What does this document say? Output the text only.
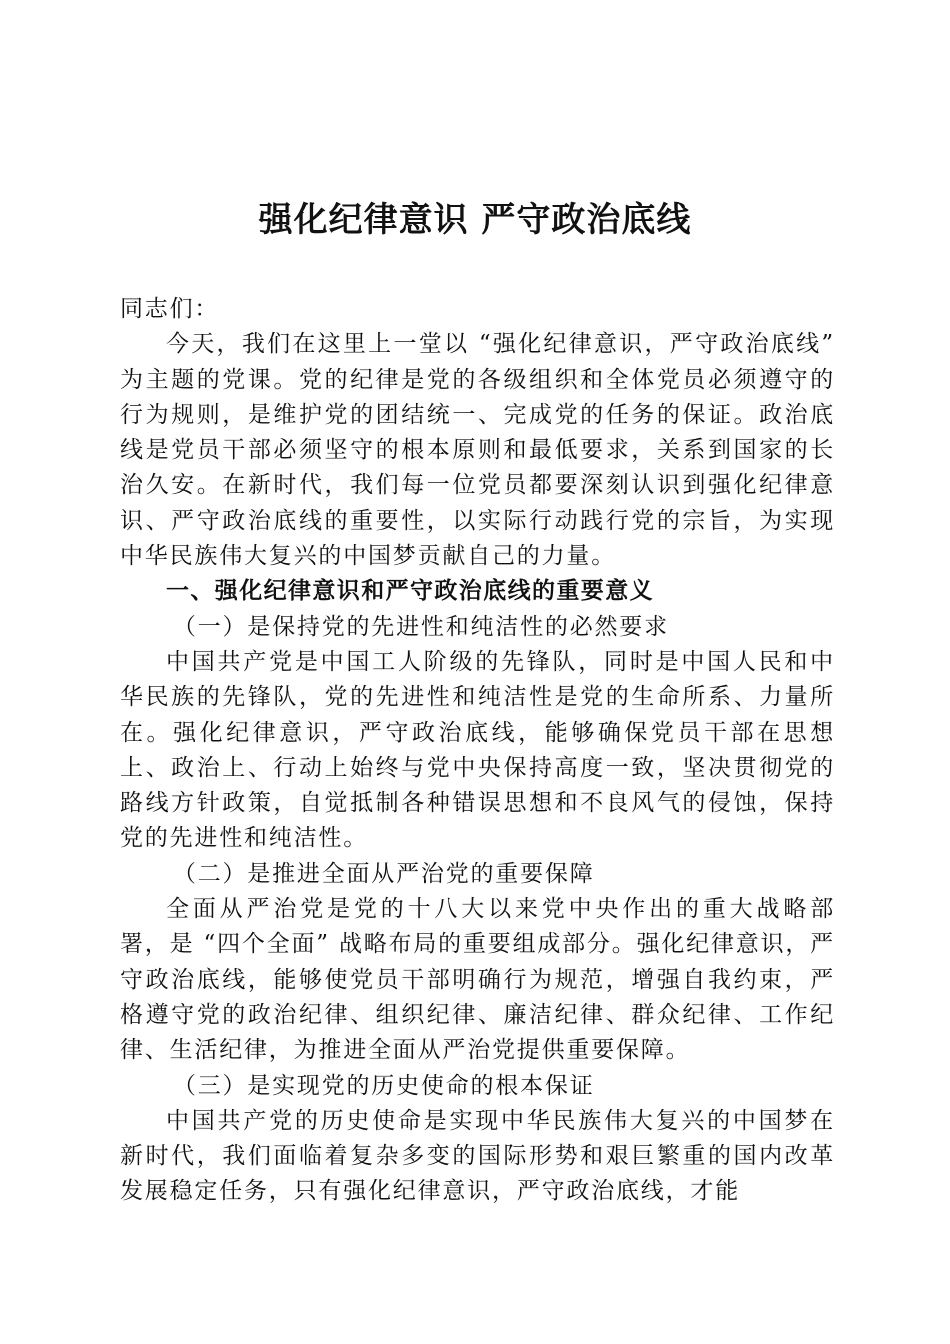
强化纪律意识 严守政治底线

同志们：

今天，我们在这里上一堂以 “强化纪律意识，严守政治底线” 为主题的党课。党的纪律是党的各级组织和全体党员必须遵守的行为规则，是维护党的团结统一、完成党的任务的保证。政治底线是党员干部必须坚守的根本原则和最低要求，关系到国家的长治久安。在新时代，我们每一位党员都要深刻认识到强化纪律意识、严守政治底线的重要性，以实际行动践行党的宗旨，为实现中华民族伟大复兴的中国梦贡献自己的力量。

一、强化纪律意识和严守政治底线的重要意义

（一）是保持党的先进性和纯洁性的必然要求

中国共产党是中国工人阶级的先锋队，同时是中国人民和中华民族的先锋队，党的先进性和纯洁性是党的生命所系、力量所在。强化纪律意识，严守政治底线，能够确保党员干部在思想上、政治上、行动上始终与党中央保持高度一致，坚决贯彻党的路线方针政策，自觉抵制各种错误思想和不良风气的侵蚀，保持党的先进性和纯洁性。

（二）是推进全面从严治党的重要保障

全面从严治党是党的十八大以来党中央作出的重大战略部署，是 “四个全面” 战略布局的重要组成部分。强化纪律意识，严守政治底线，能够使党员干部明确行为规范，增强自我约束，严格遵守党的政治纪律、组织纪律、廉洁纪律、群众纪律、工作纪律、生活纪律，为推进全面从严治党提供重要保障。

（三）是实现党的历史使命的根本保证

中国共产党的历史使命是实现中华民族伟大复兴的中国梦在新时代，我们面临着复杂多变的国际形势和艰巨繁重的国内改革发展稳定任务，只有强化纪律意识，严守政治底线，才能
